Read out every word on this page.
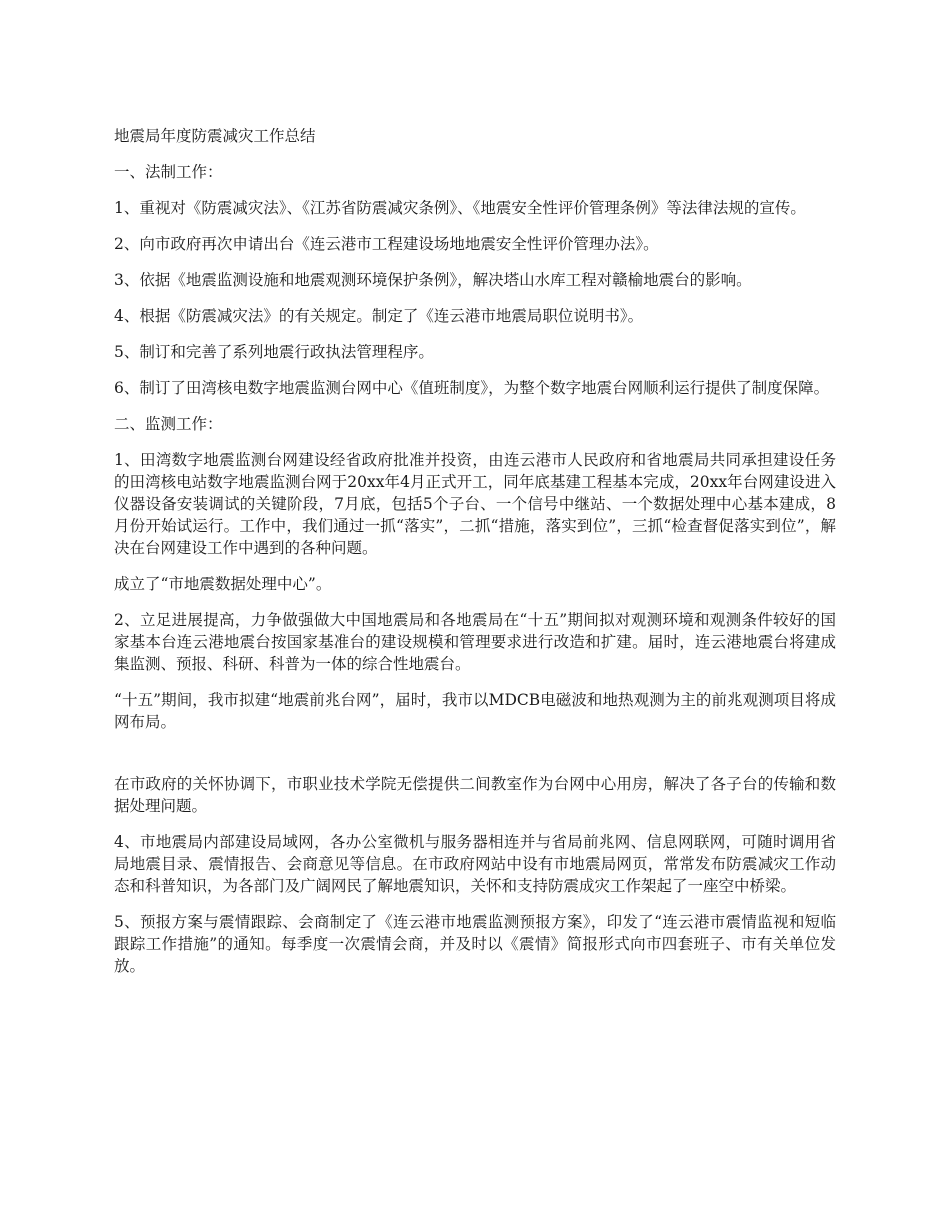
地震局年度防震减灾工作总结

一、法制工作：

1、重视对《防震减灾法》、《江苏省防震减灾条例》、《地震安全性评价管理条例》等法律法规的宣传。

2、向市政府再次申请出台《连云港市工程建设场地地震安全性评价管理办法》。

3、依据《地震监测设施和地震观测环境保护条例》，解决塔山水库工程对赣榆地震台的影响。

4、根据《防震减灾法》的有关规定。制定了《连云港市地震局职位说明书》。

5、制订和完善了系列地震行政执法管理程序。

6、制订了田湾核电数字地震监测台网中心《值班制度》，为整个数字地震台网顺利运行提供了制度保障。

二、监测工作：

1、田湾数字地震监测台网建设经省政府批准并投资，由连云港市人民政府和省地震局共同承担建设任务的田湾核电站数字地震监测台网于20xx年4月正式开工，同年底基建工程基本完成，20xx年台网建设进入仪器设备安装调试的关键阶段，7月底，包括5个子台、一个信号中继站、一个数据处理中心基本建成，8月份开始试运行。工作中，我们通过一抓“落实”，二抓“措施，落实到位”，三抓“检查督促落实到位”，解决在台网建设工作中遇到的各种问题。

成立了“市地震数据处理中心”。

2、立足进展提高，力争做强做大中国地震局和各地震局在“十五”期间拟对观测环境和观测条件较好的国家基本台连云港地震台按国家基准台的建设规模和管理要求进行改造和扩建。届时，连云港地震台将建成集监测、预报、科研、科普为一体的综合性地震台。

“十五”期间，我市拟建“地震前兆台网”，届时，我市以MDCB电磁波和地热观测为主的前兆观测项目将成网布局。

在市政府的关怀协调下，市职业技术学院无偿提供二间教室作为台网中心用房，解决了各子台的传输和数据处理问题。

4、市地震局内部建设局域网，各办公室微机与服务器相连并与省局前兆网、信息网联网，可随时调用省局地震目录、震情报告、会商意见等信息。在市政府网站中设有市地震局网页，常常发布防震减灾工作动态和科普知识，为各部门及广阔网民了解地震知识，关怀和支持防震成灾工作架起了一座空中桥梁。

5、预报方案与震情跟踪、会商制定了《连云港市地震监测预报方案》，印发了“连云港市震情监视和短临跟踪工作措施”的通知。每季度一次震情会商，并及时以《震情》简报形式向市四套班子、市有关单位发放。
